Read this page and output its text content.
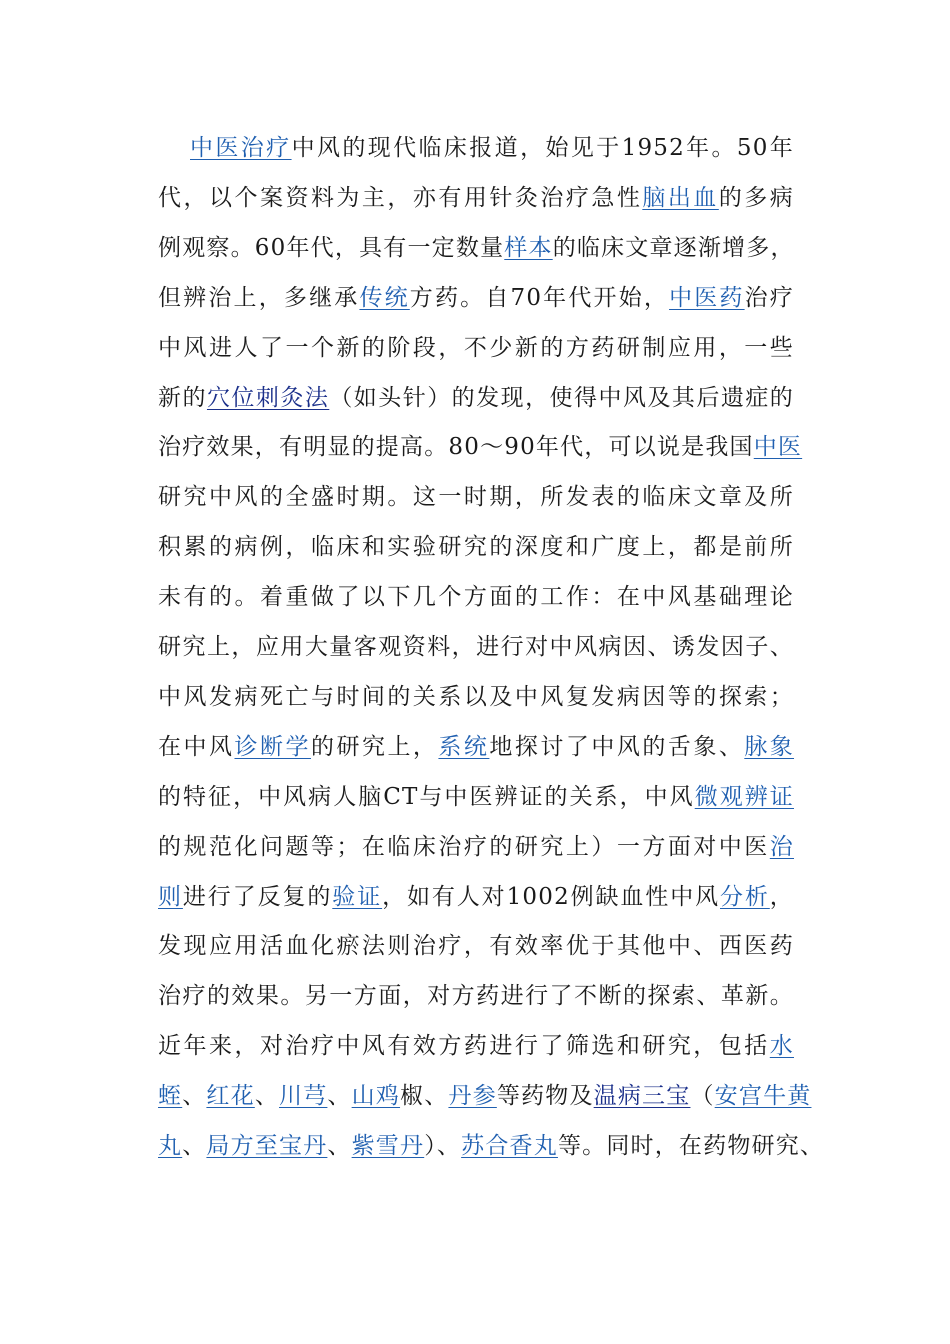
中医治疗中风的现代临床报道，始见于1952年。50年
代，以个案资料为主，亦有用针灸治疗急性脑出血的多病
例观察。60年代，具有一定数量样本的临床文章逐渐增多，
但辨治上，多继承传统方药。自70年代开始，中医药治疗
中风进人了一个新的阶段，不少新的方药研制应用，一些
新的穴位刺灸法（如头针）的发现，使得中风及其后遗症的
治疗效果，有明显的提高。80～90年代，可以说是我国中医
研究中风的全盛时期。这一时期，所发表的临床文章及所
积累的病例，临床和实验研究的深度和广度上，都是前所
未有的。着重做了以下几个方面的工作：在中风基础理论
研究上，应用大量客观资料，进行对中风病因、诱发因子、
中风发病死亡与时间的关系以及中风复发病因等的探索；
在中风诊断学的研究上，系统地探讨了中风的舌象、脉象
的特征，中风病人脑CT与中医辨证的关系，中风微观辨证
的规范化问题等；在临床治疗的研究上）一方面对中医治
则进行了反复的验证，如有人对1002例缺血性中风分析，
发现应用活血化瘀法则治疗，有效率优于其他中、西医药
治疗的效果。另一方面，对方药进行了不断的探索、革新。
近年来，对治疗中风有效方药进行了筛选和研究，包括水
蛭、红花、川芎、山鸡椒、丹参等药物及温病三宝（安宫牛黄
丸、局方至宝丹、紫雪丹）、苏合香丸等。同时，在药物研究、
